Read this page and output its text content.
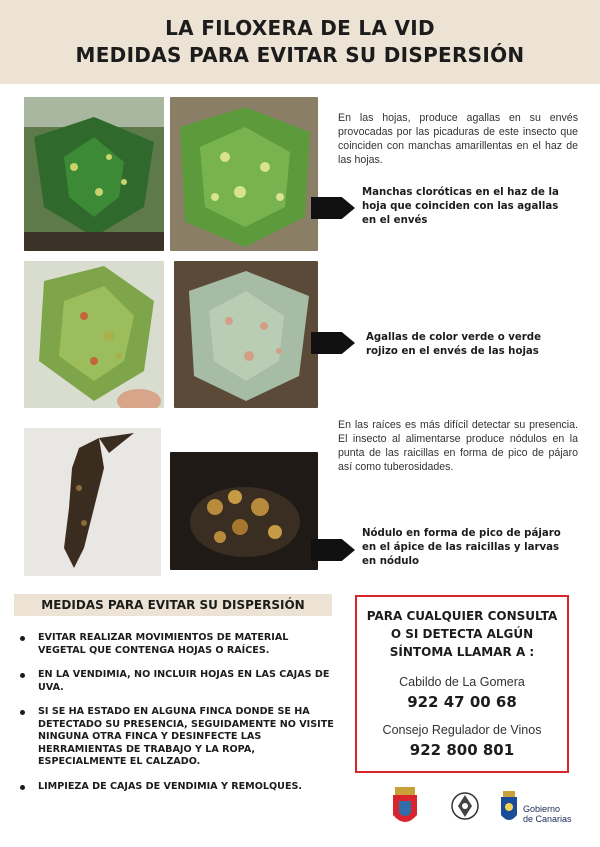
LA FILOXERA DE LA VID
MEDIDAS PARA EVITAR SU DISPERSIÓN
En las hojas, produce agallas en su envés provocadas por las picaduras de este insecto que coinciden con manchas amarillentas en el haz de las hojas.
Manchas cloróticas en el haz de la hoja que coinciden con las agallas en el envés
Agallas de color verde o verde rojizo en el envés de las hojas
En las raíces es más difícil detectar su presencia. El insecto al alimentarse produce nódulos en la punta de las raicillas en forma de pico de pájaro así como tuberosidades.
Nódulo en forma de pico de pájaro en el ápice de las raicillas y larvas en nódulo
MEDIDAS PARA EVITAR SU DISPERSIÓN
EVITAR REALIZAR MOVIMIENTOS DE MATERIAL VEGETAL QUE CONTENGA HOJAS O RAÍCES.
EN LA VENDIMIA, NO INCLUIR HOJAS EN LAS CAJAS DE UVA.
SI SE HA ESTADO EN ALGUNA FINCA DONDE SE HA DETECTADO SU PRESENCIA, SEGUIDAMENTE NO VISITE NINGUNA OTRA FINCA Y DESINFECTE LAS HERRAMIENTAS DE TRABAJO Y LA ROPA, ESPECIALMENTE EL CALZADO.
LIMPIEZA DE CAJAS DE VENDIMIA Y REMOLQUES.
PARA CUALQUIER CONSULTA
O SI DETECTA ALGÚN
SÍNTOMA LLAMAR A :
Cabildo de La Gomera
922 47 00 68
Consejo Regulador de Vinos
922 800 801
Gobierno
de Canarias
